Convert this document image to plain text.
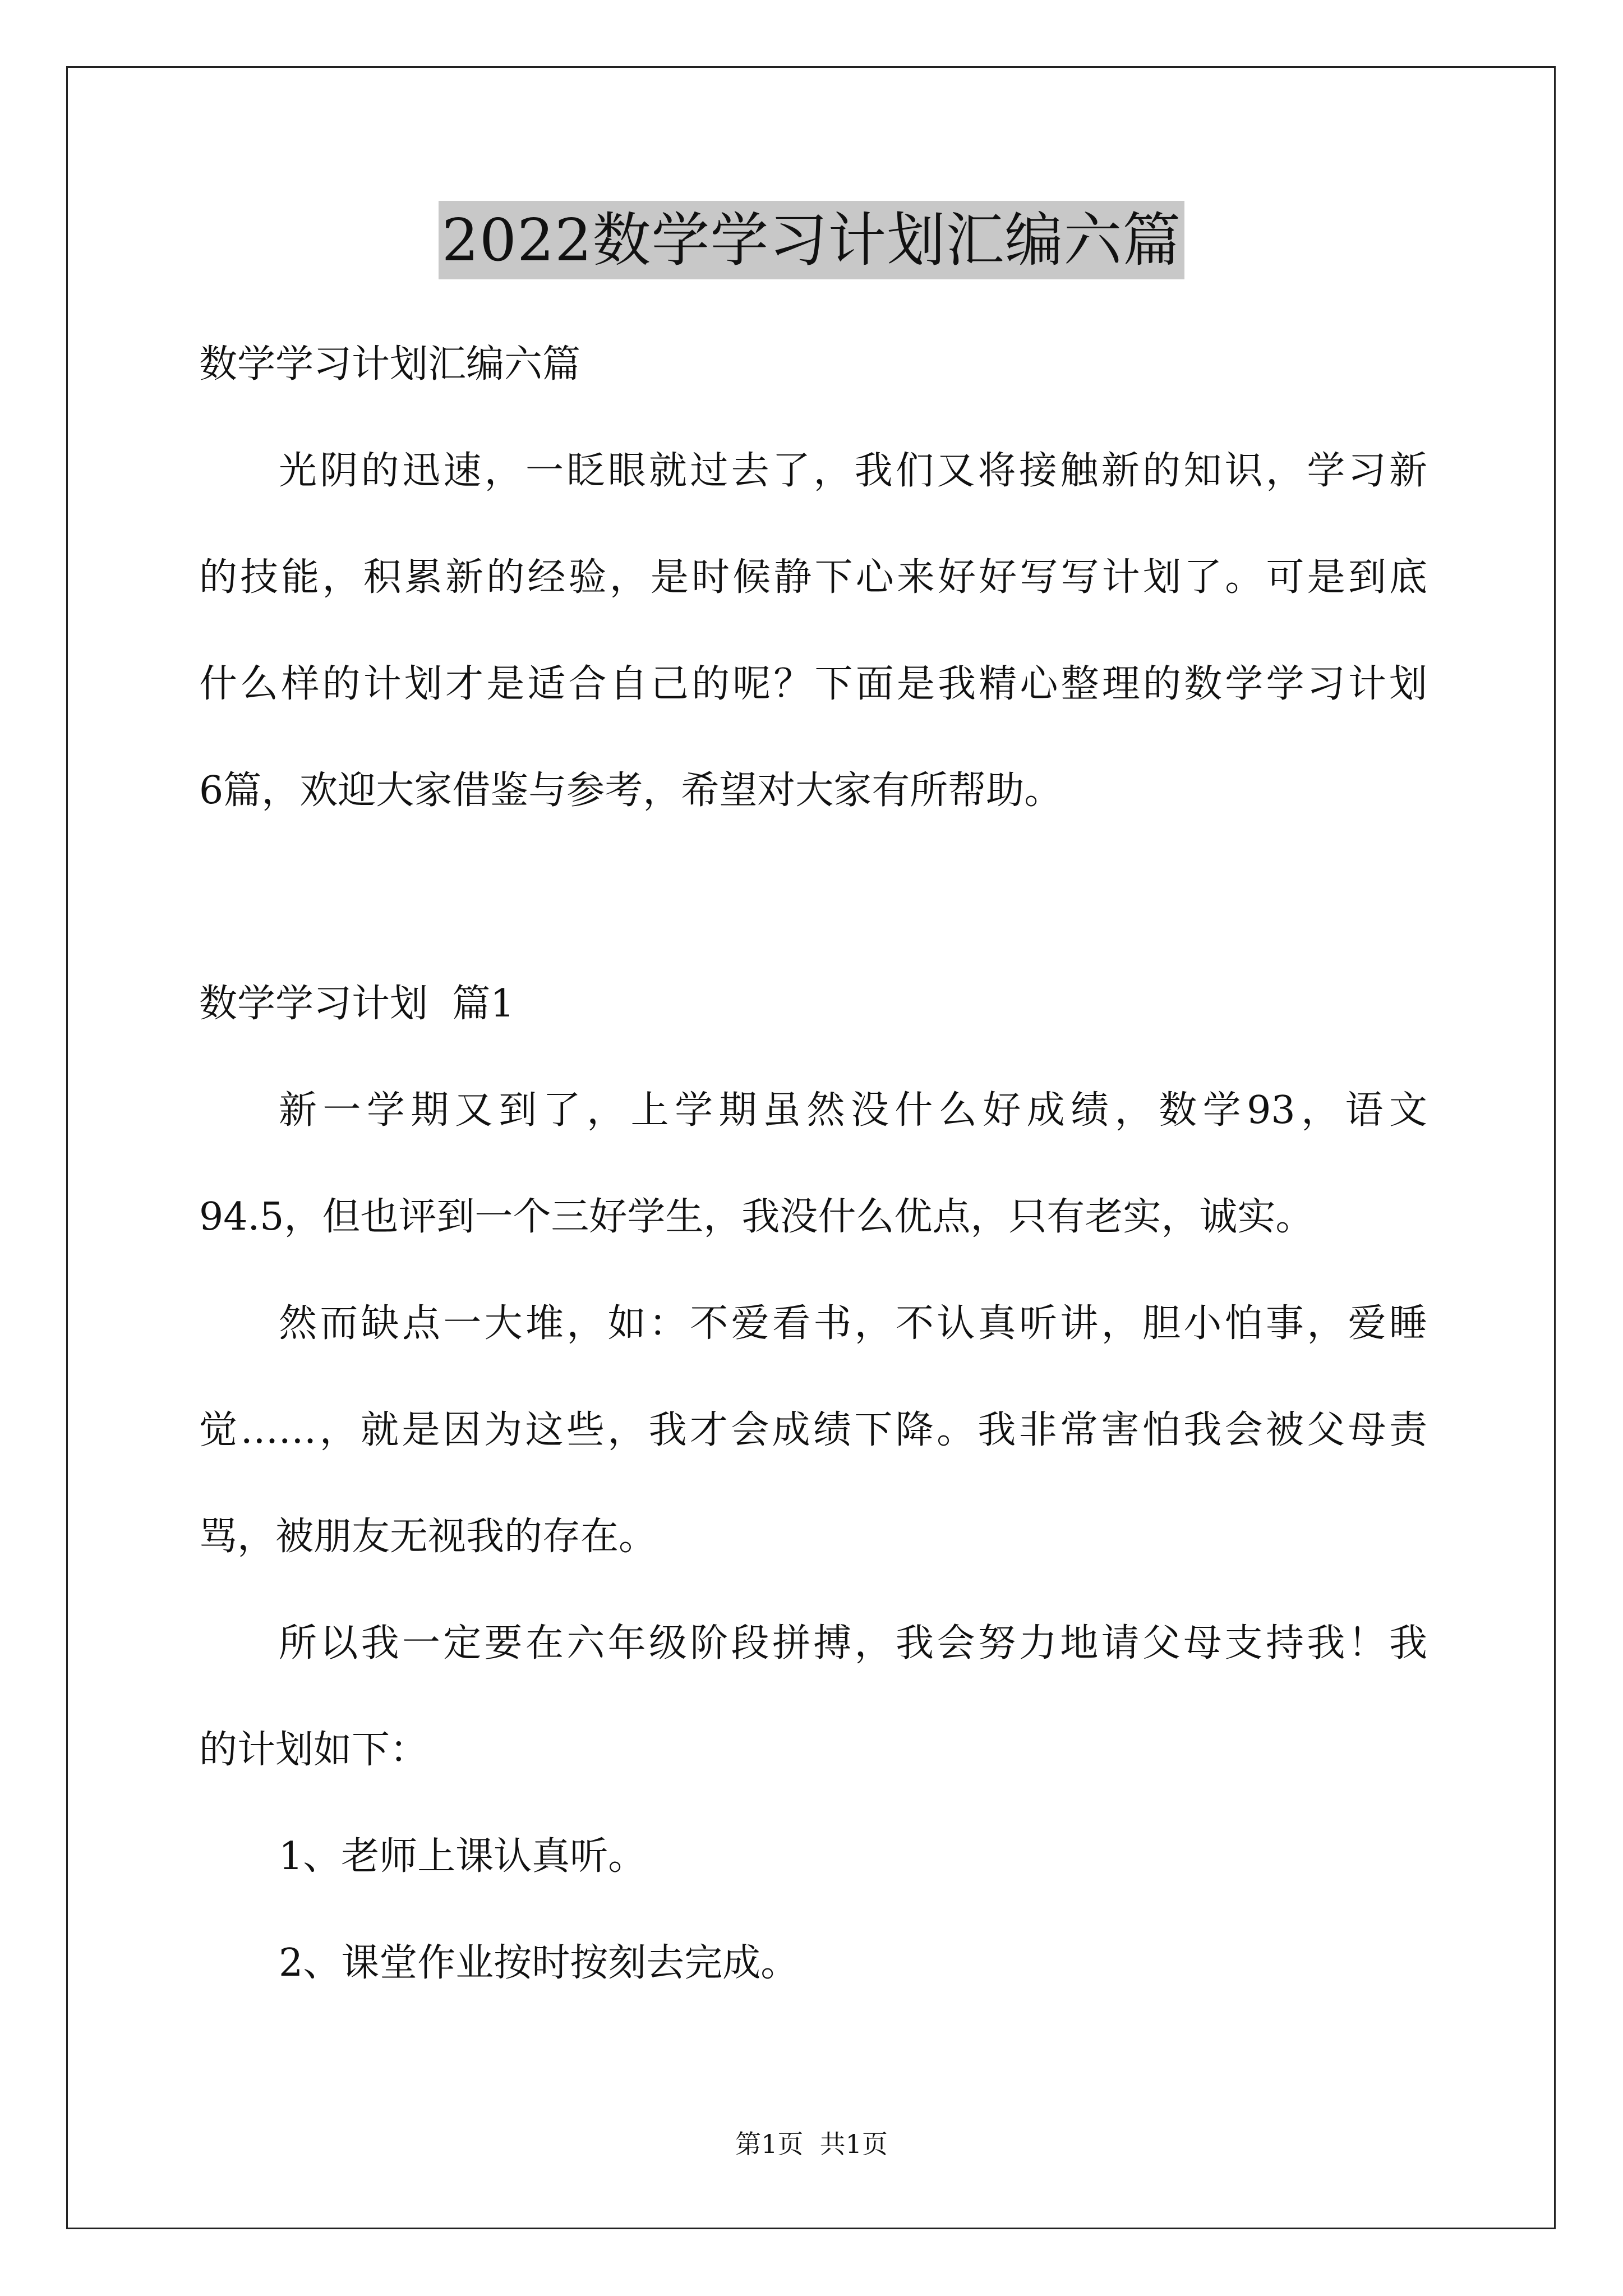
2022数学学习计划汇编六篇
数学学习计划汇编六篇
光阴的迅速，一眨眼就过去了，我们又将接触新的知识，学习新
的技能，积累新的经验，是时候静下心来好好写写计划了。可是到底
什么样的计划才是适合自己的呢？下面是我精心整理的数学学习计划
6篇，欢迎大家借鉴与参考，希望对大家有所帮助。
数学学习计划  篇1
新一学期又到了，上学期虽然没什么好成绩，数学93，语文
94.5，但也评到一个三好学生，我没什么优点，只有老实，诚实。
然而缺点一大堆，如：不爱看书，不认真听讲，胆小怕事，爱睡
觉……，就是因为这些，我才会成绩下降。我非常害怕我会被父母责
骂，被朋友无视我的存在。
所以我一定要在六年级阶段拼搏，我会努力地请父母支持我！我
的计划如下：
1、老师上课认真听。
2、课堂作业按时按刻去完成。
第1页  共1页
